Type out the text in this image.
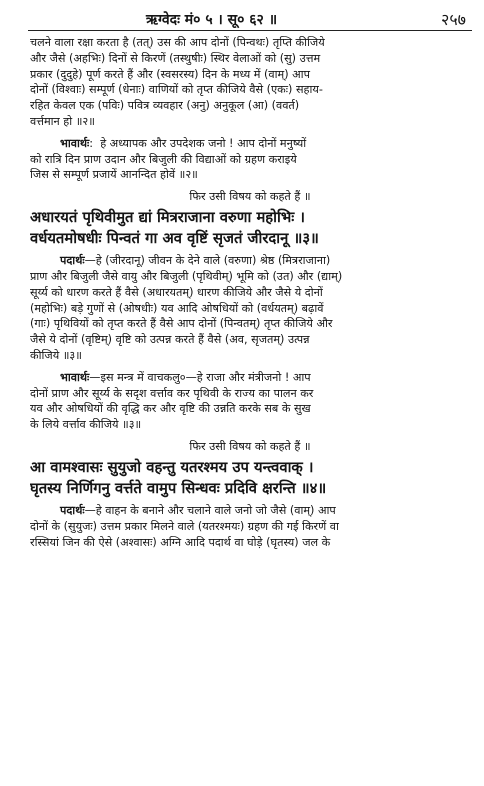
ऋग्वेदः मं० ५ । सू० ६२ ॥	२५७

चलने वाला रक्षा करता है (तत्) उस की आप दोनों (पिन्वथः) तृप्ति कीजिये
और जैसे (अहभिः) दिनों से किरणें (तस्थुषीः) स्थिर वेलाओं को (सु) उत्तम
प्रकार (दुदुहे) पूर्ण करते हैं और (स्वसरस्य) दिन के मध्य में (वाम्) आप
दोनों (विश्वाः) सम्पूर्ण (धेनाः) वाणियों को तृप्त कीजिये वैसे (एकः) सहाय-
रहित केवल एक (पविः) पवित्र व्यवहार (अनु) अनुकूल (आ) (ववर्त)
वर्त्तमान हो ॥२॥

भावार्थः:  हे अध्यापक और उपदेशक जनो ! आप दोनों मनुष्यों
को रात्रि दिन प्राण उदान और बिजुली की विद्याओं को ग्रहण कराइये
जिस से सम्पूर्ण प्रजायें आनन्दित होवें ॥२॥

फिर उसी विषय को कहते हैं ॥
अधारयतं पृथिवीमुत द्यां मित्रराजाना वरुणा महोभिः ।
वर्धयतमोषधीः पिन्वतं गा अव वृष्टिं सृजतं जीरदानू ॥३॥

पदार्थः—हे (जीरदानू) जीवन के देने वाले (वरुणा) श्रेष्ठ (मित्रराजाना)
प्राण और बिजुली जैसे वायु और बिजुली (पृथिवीम्) भूमि को (उत) और (द्याम्)
सूर्य्य को धारण करते हैं वैसे (अधारयतम्) धारण कीजिये और जैसे ये दोनों
(महोभिः) बड़े गुणों से (ओषधीः) यव आदि ओषधियों को (वर्धयतम्) बढ़ावें
(गाः) पृथिवियों को तृप्त करते हैं वैसे आप दोनों (पिन्वतम्) तृप्त कीजिये और
जैसे ये दोनों (वृष्टिम्) वृष्टि को उत्पन्न करते हैं वैसे (अव, सृजतम्) उत्पन्न
कीजिये ॥३॥

भावार्थः—इस मन्त्र में वाचकलु०—हे राजा और मंत्रीजनो ! आप
दोनों प्राण और सूर्य्य के सदृश वर्त्ताव कर पृथिवी के राज्य का पालन कर
यव और ओषधियों की वृद्धि कर और वृष्टि की उन्नति करके सब के सुख
के लिये वर्त्ताव कीजिये ॥३॥

फिर उसी विषय को कहते हैं ॥
आ वामश्वासः सुयुजो वहन्तु यतरश्मय उप यन्त्ववाक् ।
घृतस्य निर्णिगनु वर्त्तते वामुप सिन्धवः प्रदिवि क्षरन्ति ॥४॥

पदार्थः—हे वाहन के बनाने और चलाने वाले जनो जो जैसे (वाम्) आप
दोनों के (सुयुजः) उत्तम प्रकार मिलने वाले (यतरश्मयः) ग्रहण की गई किरणें वा
रस्सियां जिन की ऐसे (अश्वासः) अग्नि आदि पदार्थ वा घोड़े (घृतस्य) जल के
